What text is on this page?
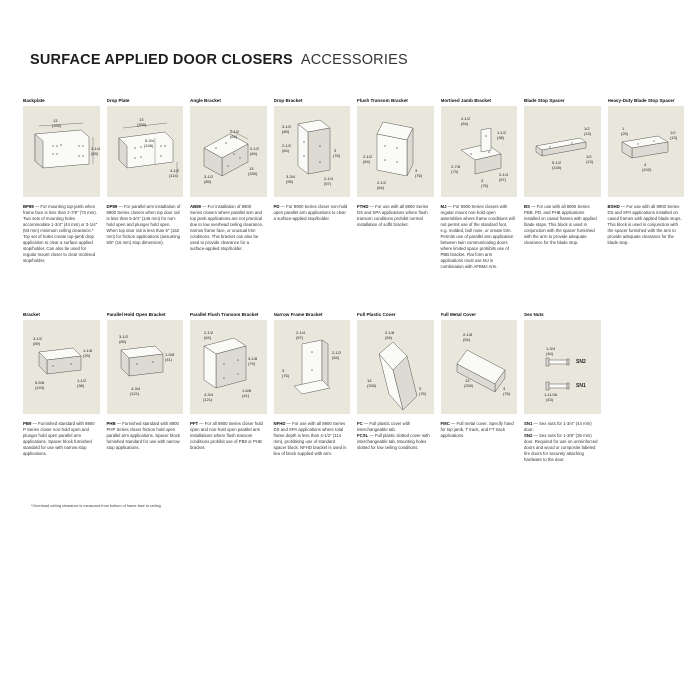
SURFACE APPLIED DOOR CLOSERS ACCESSORIES
Backplate
13
(330)
3-1/4
(83)
BP89 — For mounting top-jamb when frame face is less than 2-7/8" (73 mm). Two sets of mounting holes accommodate 1-3/4" (44 mm) or 3-1/4" (83 mm) minimum ceiling clearance.* Top set of holes create top-jamb drop application to clear a surface applied stop/holder. Can also be used for regular mount closer to clear mortised stop/holder.
Drop Plate
13
(330)
5-3/4
(146)
4-1/2
(114)
DP89 — For parallel arm installation of 8900 Series closers when top door rail is less than 5-3/4" (146 mm) for non-hold open and plunger hold open. When top door rail is less than 6" (152 mm) for friction applications (assuming 5/8" (16 mm) stop dimension).
Angle Bracket
2-1/2
(64)
2-1/2
(64)
13
(330)
3-1/2
(89)
AB89 — For installation of 8900 Series closers where parallel arm and top jamb applications are not practical due to low overhead ceiling clearance, narrow frame face, or unusual trim conditions. This bracket can also be used to provide clearance for a surface-applied stop/holder.
Drop Bracket
3-1/2
(89)
2-1/2
(64)	3
(76)
3-3/4
(95)
2-1/4
(57)
PD — For 8900 Series closer non-hold open parallel arm applications to clear a surface-applied stop/holder.
Flush Transom Bracket
2-1/2
(64)
2-1/2
(64)
3
(76)
FTHD — For use with all 8900 Series DS and SPA applications where flush transom conditions prohibit normal installation of soffit bracket.
Mortised Jamb Bracket
2-1/2
(64)
1-1/2
(38)
2-7/8
(73)
3
(76)
2-1/4
(57)
MJ — For 8900 Series closers with regular mount non-hold open assemblies where frame conditions will not permit use of the standard foot, e.g. molded, bull nose, or ornate trim. Permits use of parallel arm application between twin communicating doors where limited space prohibits use of PBB bracket. Flat form arm applications must use MJ in combination with AFBMJ Arm.
Blade Stop Spacer
1/2
(13)
5-1/2
(140)
1/2
(13)
BS — For use with all 8900 Series PBB, PD, and PHB applications installed on cased frames with applied blade stops. This block is used in conjunction with the spacer furnished with the arm to provide adequate clearance for the blade stop.
Heavy-Duty Blade Stop Spacer
1
(25)	1/2
(13)
4
(102)
BSHD — For use with all 8900 Series DS and SPA applications installed on cased frames with applied blade stops. This block is used in conjunction with the spacer furnished with the arm to provide adequate clearance for the blade stop.
Bracket
3-1/2
(89)
1-1/8
(29)
5-5/8
(143)
1-1/2
(38)
PB9 — Furnished standard with 8900 P Series closer non-hold open and plunger hold open parallel arm applications. Spacer block furnished standard for use with narrow stop applications.
Parallel Hold Open Bracket
3-1/2
(89)
1-5/8
(41)
4-3/4
(121)
PHB — Furnished standard with 8900 PHP Series closer friction hold open parallel arm applications. Spacer block furnished standard for use with narrow stop applications.
Parallel Flush Transom Bracket
2-1/2
(64)
3-1/8
(79)
4-3/4
(121)
1-5/8
(41)
PFT — For all 8900 Series closer hold open and non-hold open parallel arm installations where flush transom conditions prohibit use of PB9 or PHB bracket.
Narrow Frame Bracket
2-1/4
(57)
2-1/2
(64)
3
(76)
NFHD — For use with all 8900 Series DS and SPA applications where total frame depth is less than 4-1/2" (114 mm), prohibiting use of standard spacer block. NFHD bracket is used in lieu of block supplied with arm.
Full Plastic Cover
2-1/8
(54)
13
(330)
3
(76)
FC — Full plastic cover with interchangeable tab.
FCSL — Full plastic slotted cover with interchangeable tab. Mounting holes slotted for low ceiling conditions.
Full Metal Cover
2-1/8
(54)
13
(330)
3
(76)
FMC — Full metal cover. Specify hand for top jamb, T track, and FT track applications.
Sex Nuts
1-3/4
(44)
SN2
1-11/16
(43)
SN1
SN1 — Sex nuts for 1-3/4" (44 mm) door.
SN2 — Sex nuts for 1-3/8" (35 mm) door. Required for use on unreinforced doors and wood or composite labeled fire doors for securely attaching hardware to the door.
*Overhead ceiling clearance is measured from bottom of frame face to ceiling
